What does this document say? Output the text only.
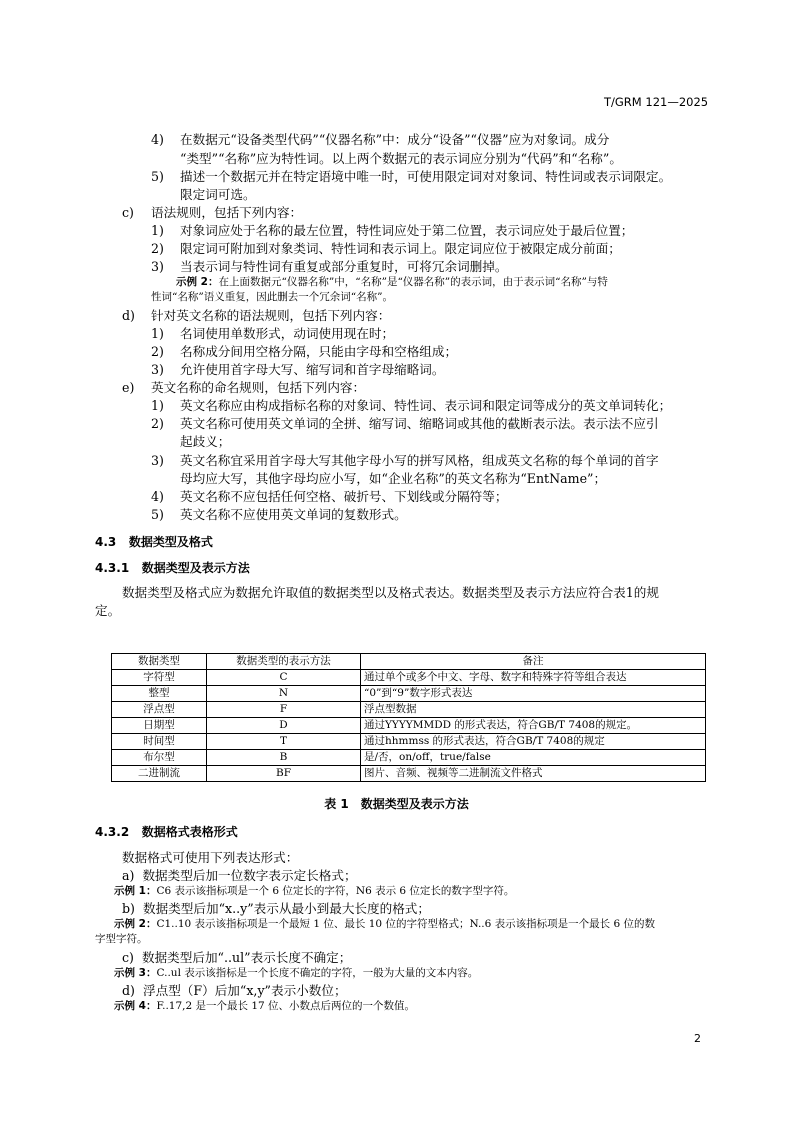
T/GRM 121—2025
4) 在数据元“设备类型代码”“仪器名称”中：成分“设备”“仪器”应为对象词。成分
“类型”“名称”应为特性词。以上两个数据元的表示词应分别为“代码”和“名称”。
5) 描述一个数据元并在特定语境中唯一时，可使用限定词对对象词、特性词或表示词限定。
限定词可选。
c) 语法规则，包括下列内容：
1) 对象词应处于名称的最左位置，特性词应处于第二位置，表示词应处于最后位置；
2) 限定词可附加到对象类词、特性词和表示词上。限定词应位于被限定成分前面；
3) 当表示词与特性词有重复或部分重复时，可将冗余词删掉。
示例 2：在上面数据元“仪器名称”中，“名称”是“仪器名称”的表示词，由于表示词“名称”与特
性词“名称”语义重复，因此删去一个冗余词“名称”。
d) 针对英文名称的语法规则，包括下列内容：
1) 名词使用单数形式，动词使用现在时；
2) 名称成分间用空格分隔，只能由字母和空格组成；
3) 允许使用首字母大写、缩写词和首字母缩略词。
e) 英文名称的命名规则，包括下列内容：
1) 英文名称应由构成指标名称的对象词、特性词、表示词和限定词等成分的英文单词转化；
2) 英文名称可使用英文单词的全拼、缩写词、缩略词或其他的截断表示法。表示法不应引
起歧义；
3) 英文名称宜采用首字母大写其他字母小写的拼写风格，组成英文名称的每个单词的首字
母均应大写，其他字母均应小写，如“企业名称”的英文名称为“EntName”；
4) 英文名称不应包括任何空格、破折号、下划线或分隔符等；
5) 英文名称不应使用英文单词的复数形式。
4.3 数据类型及格式
4.3.1 数据类型及表示方法
数据类型及格式应为数据允许取值的数据类型以及格式表达。数据类型及表示方法应符合表1的规
定。
数据类型	数据类型的表示方法	备注
字符型	C	通过单个或多个中文、字母、数字和特殊字符等组合表达
整型	N	“0”到“9”数字形式表达
浮点型	F	浮点型数据
日期型	D	通过YYYYMMDD 的形式表达，符合GB/T 7408的规定。
时间型	T	通过hhmmss 的形式表达，符合GB/T 7408的规定
布尔型	B	是/否，on/off，true/false
二进制流	BF	图片、音频、视频等二进制流文件格式
表 1　数据类型及表示方法
4.3.2 数据格式表格形式
数据格式可使用下列表达形式：
a) 数据类型后加一位数字表示定长格式；
示例 1：C6 表示该指标项是一个 6 位定长的字符，N6 表示 6 位定长的数字型字符。
b) 数据类型后加“x..y”表示从最小到最大长度的格式；
示例 2：C1..10 表示该指标项是一个最短 1 位、最长 10 位的字符型格式；N..6 表示该指标项是一个最长 6 位的数
字型字符。
c) 数据类型后加“..ul”表示长度不确定；
示例 3：C..ul 表示该指标是一个长度不确定的字符，一般为大量的文本内容。
d) 浮点型（F）后加“x,y”表示小数位；
示例 4：F..17,2 是一个最长 17 位、小数点后两位的一个数值。
2
